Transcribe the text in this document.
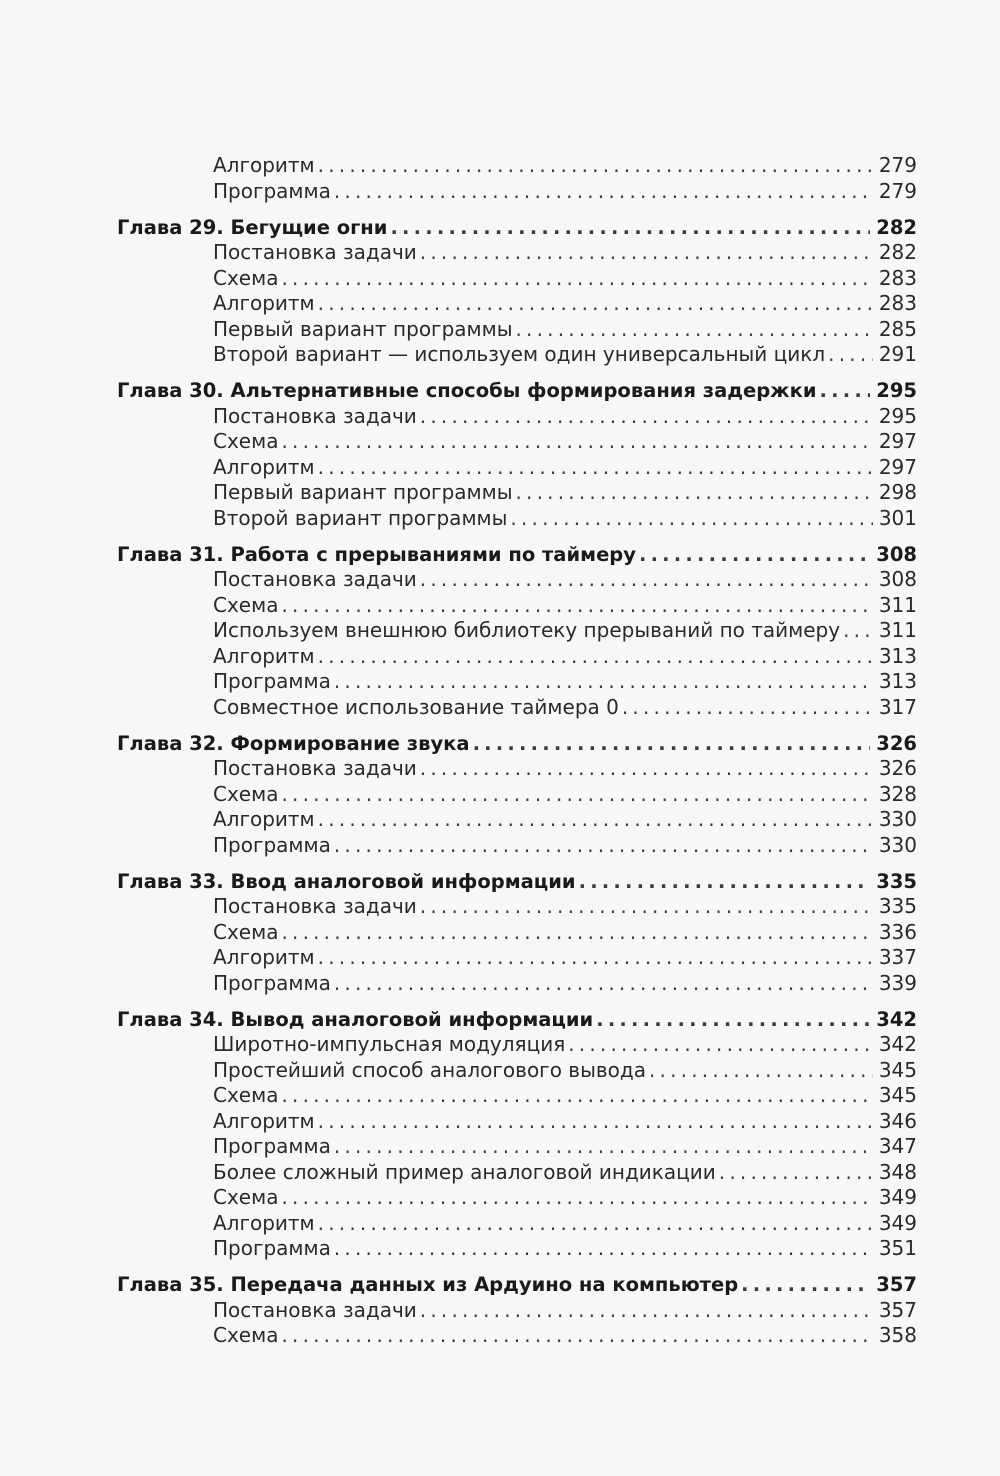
Алгоритм .....	279
Программа .....	279
Глава 29. Бегущие огни .....	282
Постановка задачи .....	282
Схема .....	283
Алгоритм .....	283
Первый вариант программы .....	285
Второй вариант — используем один универсальный цикл .....	291
Глава 30. Альтернативные способы формирования задержки .....	295
Постановка задачи .....	295
Схема .....	297
Алгоритм .....	297
Первый вариант программы .....	298
Второй вариант программы .....	301
Глава 31. Работа с прерываниями по таймеру .....	308
Постановка задачи .....	308
Схема .....	311
Используем внешнюю библиотеку прерываний по таймеру ..... 311
Алгоритм .....	313
Программа .....	313
Совместное использование таймера 0 .....	317
Глава 32. Формирование звука .....	326
Постановка задачи .....	326
Схема .....	328
Алгоритм .....	330
Программа .....	330
Глава 33. Ввод аналоговой информации .....	335
Постановка задачи .....	335
Схема .....	336
Алгоритм .....	337
Программа .....	339
Глава 34. Вывод аналоговой информации .....	342
Широтно-импульсная модуляция .....	342
Простейший способ аналогового вывода .....	345
Схема .....	345
Алгоритм .....	346
Программа .....	347
Более сложный пример аналоговой индикации .....	348
Схема .....	349
Алгоритм .....	349
Программа .....	351
Глава 35. Передача данных из Ардуино на компьютер .....	357
Постановка задачи .....	357
Схема .....	358
